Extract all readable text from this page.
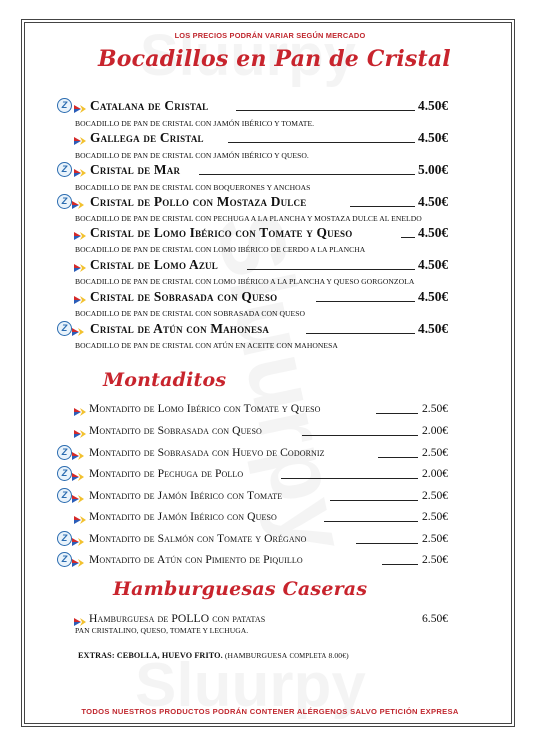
LOS PRECIOS PODRÁN VARIAR SEGÚN MERCADO
Bocadillos en Pan de Cristal
Montaditos
Hamburguesas Caseras
Z	Catalana de Cristal	4.50€
BOCADILLO DE PAN DE CRISTAL CON JAMÓN IBÉRICO Y TOMATE.
Gallega de Cristal	4.50€
BOCADILLO DE PAN DE CRISTAL CON JAMÓN IBÉRICO Y QUESO.
Z	Cristal de Mar	5.00€
BOCADILLO DE PAN DE CRISTAL CON BOQUERONES Y ANCHOAS
Z	Cristal de Pollo con Mostaza Dulce	4.50€
BOCADILLO DE PAN DE CRISTAL CON PECHUGA A LA PLANCHA Y MOSTAZA DULCE AL ENELDO
Cristal de Lomo Ibérico con Tomate y Queso	4.50€
BOCADILLO DE PAN DE CRISTAL CON LOMO IBÉRICO DE CERDO A LA PLANCHA
Cristal de Lomo Azul	4.50€
BOCADILLO DE PAN DE CRISTAL CON LOMO IBÉRICO A LA PLANCHA Y QUESO GORGONZOLA
Cristal de Sobrasada con Queso	4.50€
BOCADILLO DE PAN DE CRISTAL CON SOBRASADA CON QUESO
Z	Cristal de Atún con Mahonesa	4.50€
BOCADILLO DE PAN DE CRISTAL CON ATÚN EN ACEITE CON MAHONESA
Montadito de Lomo Ibérico con Tomate y Queso	2.50€
Montadito de Sobrasada con Queso	2.00€
Z	Montadito de Sobrasada con Huevo de Codorniz	2.50€
Z	Montadito de Pechuga de Pollo	2.00€
Z	Montadito de Jamón Ibérico con Tomate	2.50€
Montadito de Jamón Ibérico con Queso	2.50€
Z	Montadito de Salmón con Tomate y Orégano	2.50€
Z	Montadito de Atún con Pimiento de Piquillo	2.50€
Hamburguesa de POLLO con patatas	6.50€
PAN CRISTALINO, QUESO, TOMATE Y LECHUGA.
EXTRAS: CEBOLLA, HUEVO FRITO. (HAMBURGUESA COMPLETA 8.00€)
TODOS NUESTROS PRODUCTOS PODRÁN CONTENER ALÉRGENOS SALVO PETICIÓN EXPRESA
